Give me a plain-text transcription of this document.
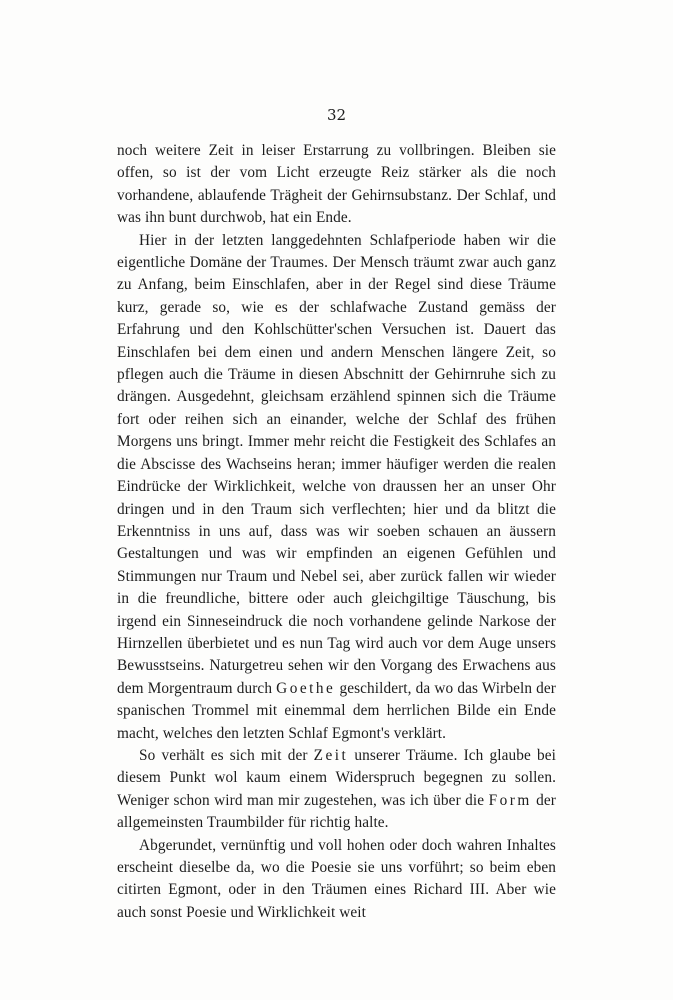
32

noch weitere Zeit in leiser Erstarrung zu vollbringen. Bleiben sie offen, so ist der vom Licht erzeugte Reiz stärker als die noch vorhandene, ablaufende Trägheit der Gehirnsubstanz. Der Schlaf, und was ihn bunt durchwob, hat ein Ende.

Hier in der letzten langgedehnten Schlafperiode haben wir die eigentliche Domäne der Traumes. Der Mensch träumt zwar auch ganz zu Anfang, beim Einschlafen, aber in der Regel sind diese Träume kurz, gerade so, wie es der schlafwache Zustand gemäss der Erfahrung und den Kohlschütter'schen Versuchen ist. Dauert das Einschlafen bei dem einen und andern Menschen längere Zeit, so pflegen auch die Träume in diesen Abschnitt der Gehirnruhe sich zu drängen. Ausgedehnt, gleichsam erzählend spinnen sich die Träume fort oder reihen sich an einander, welche der Schlaf des frühen Morgens uns bringt. Immer mehr reicht die Festigkeit des Schlafes an die Abscisse des Wachseins heran; immer häufiger werden die realen Eindrücke der Wirklichkeit, welche von draussen her an unser Ohr dringen und in den Traum sich verflechten; hier und da blitzt die Erkenntniss in uns auf, dass was wir soeben schauen an äussern Gestaltungen und was wir empfinden an eigenen Gefühlen und Stimmungen nur Traum und Nebel sei, aber zurück fallen wir wieder in die freundliche, bittere oder auch gleichgiltige Täuschung, bis irgend ein Sinneseindruck die noch vorhandene gelinde Narkose der Hirnzellen überbietet und es nun Tag wird auch vor dem Auge unsers Bewusstseins. Naturgetreu sehen wir den Vorgang des Erwachens aus dem Morgentraum durch Goethe geschildert, da wo das Wirbeln der spanischen Trommel mit einemmal dem herrlichen Bilde ein Ende macht, welches den letzten Schlaf Egmont's verklärt.

So verhält es sich mit der Zeit unserer Träume. Ich glaube bei diesem Punkt wol kaum einem Widerspruch begegnen zu sollen. Weniger schon wird man mir zugestehen, was ich über die Form der allgemeinsten Traumbilder für richtig halte.

Abgerundet, vernünftig und voll hohen oder doch wahren Inhaltes erscheint dieselbe da, wo die Poesie sie uns vorführt; so beim eben citirten Egmont, oder in den Träumen eines Richard III. Aber wie auch sonst Poesie und Wirklichkeit weit
